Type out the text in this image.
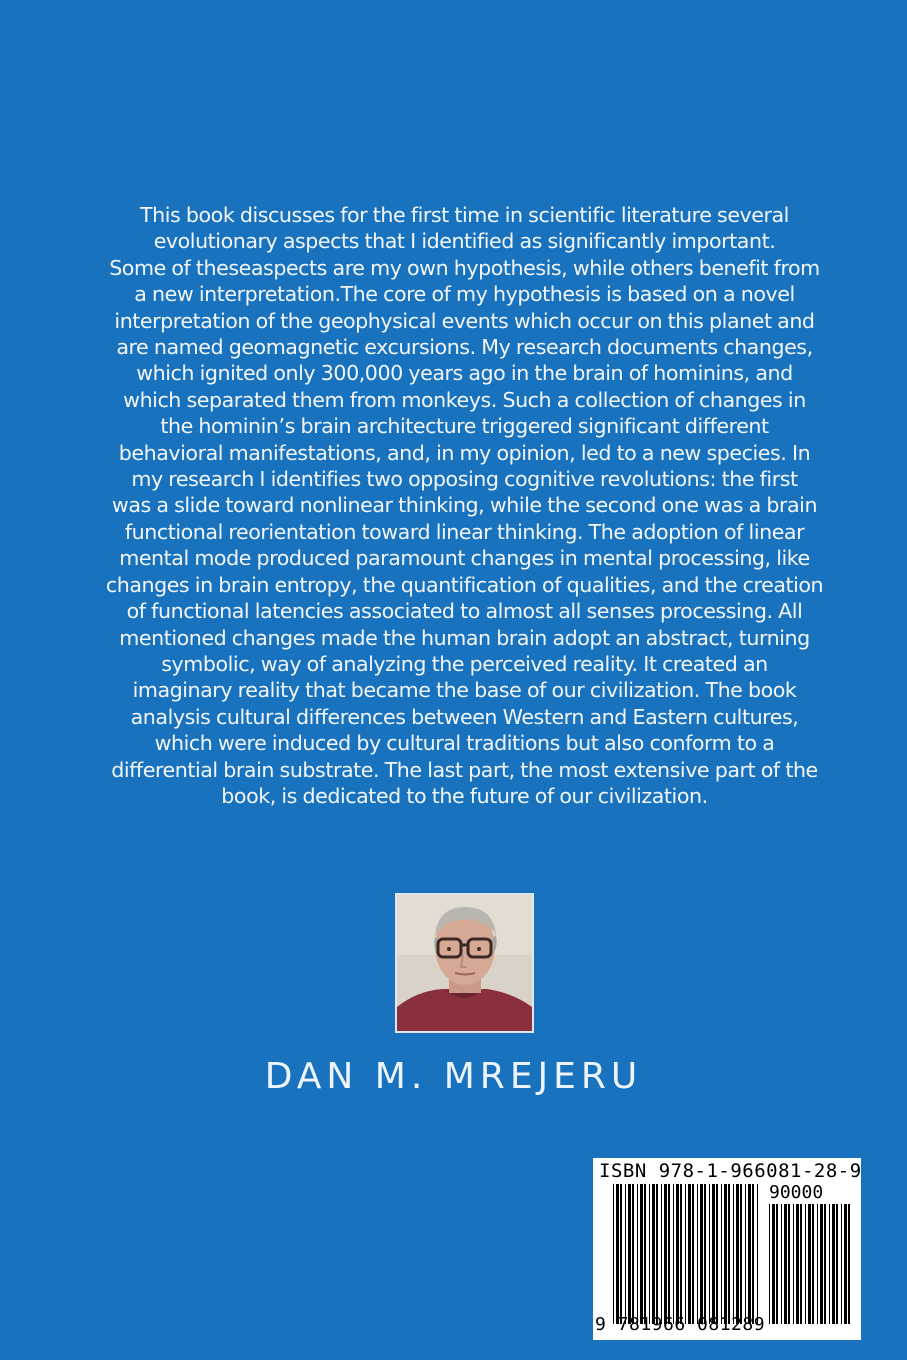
This book discusses for the first time in scientific literature several
evolutionary aspects that I identified as significantly important.
Some of theseaspects are my own hypothesis, while others benefit from
a new interpretation.The core of my hypothesis is based on a novel
interpretation of the geophysical events which occur on this planet and
are named geomagnetic excursions. My research documents changes,
which ignited only 300,000 years ago in the brain of hominins, and
which separated them from monkeys. Such a collection of changes in
the hominin’s brain architecture triggered significant different
behavioral manifestations, and, in my opinion, led to a new species. In
my research I identifies two opposing cognitive revolutions: the first
was a slide toward nonlinear thinking, while the second one was a brain
functional reorientation toward linear thinking. The adoption of linear
mental mode produced paramount changes in mental processing, like
changes in brain entropy, the quantification of qualities, and the creation
of functional latencies associated to almost all senses processing. All
mentioned changes made the human brain adopt an abstract, turning
symbolic, way of analyzing the perceived reality. It created an
imaginary reality that became the base of our civilization. The book
analysis cultural differences between Western and Eastern cultures,
which were induced by cultural traditions but also conform to a
differential brain substrate. The last part, the most extensive part of the
book, is dedicated to the future of our civilization.
DAN M. MREJERU
ISBN 978-1-966081-28-9
90000
9 781966 081289
